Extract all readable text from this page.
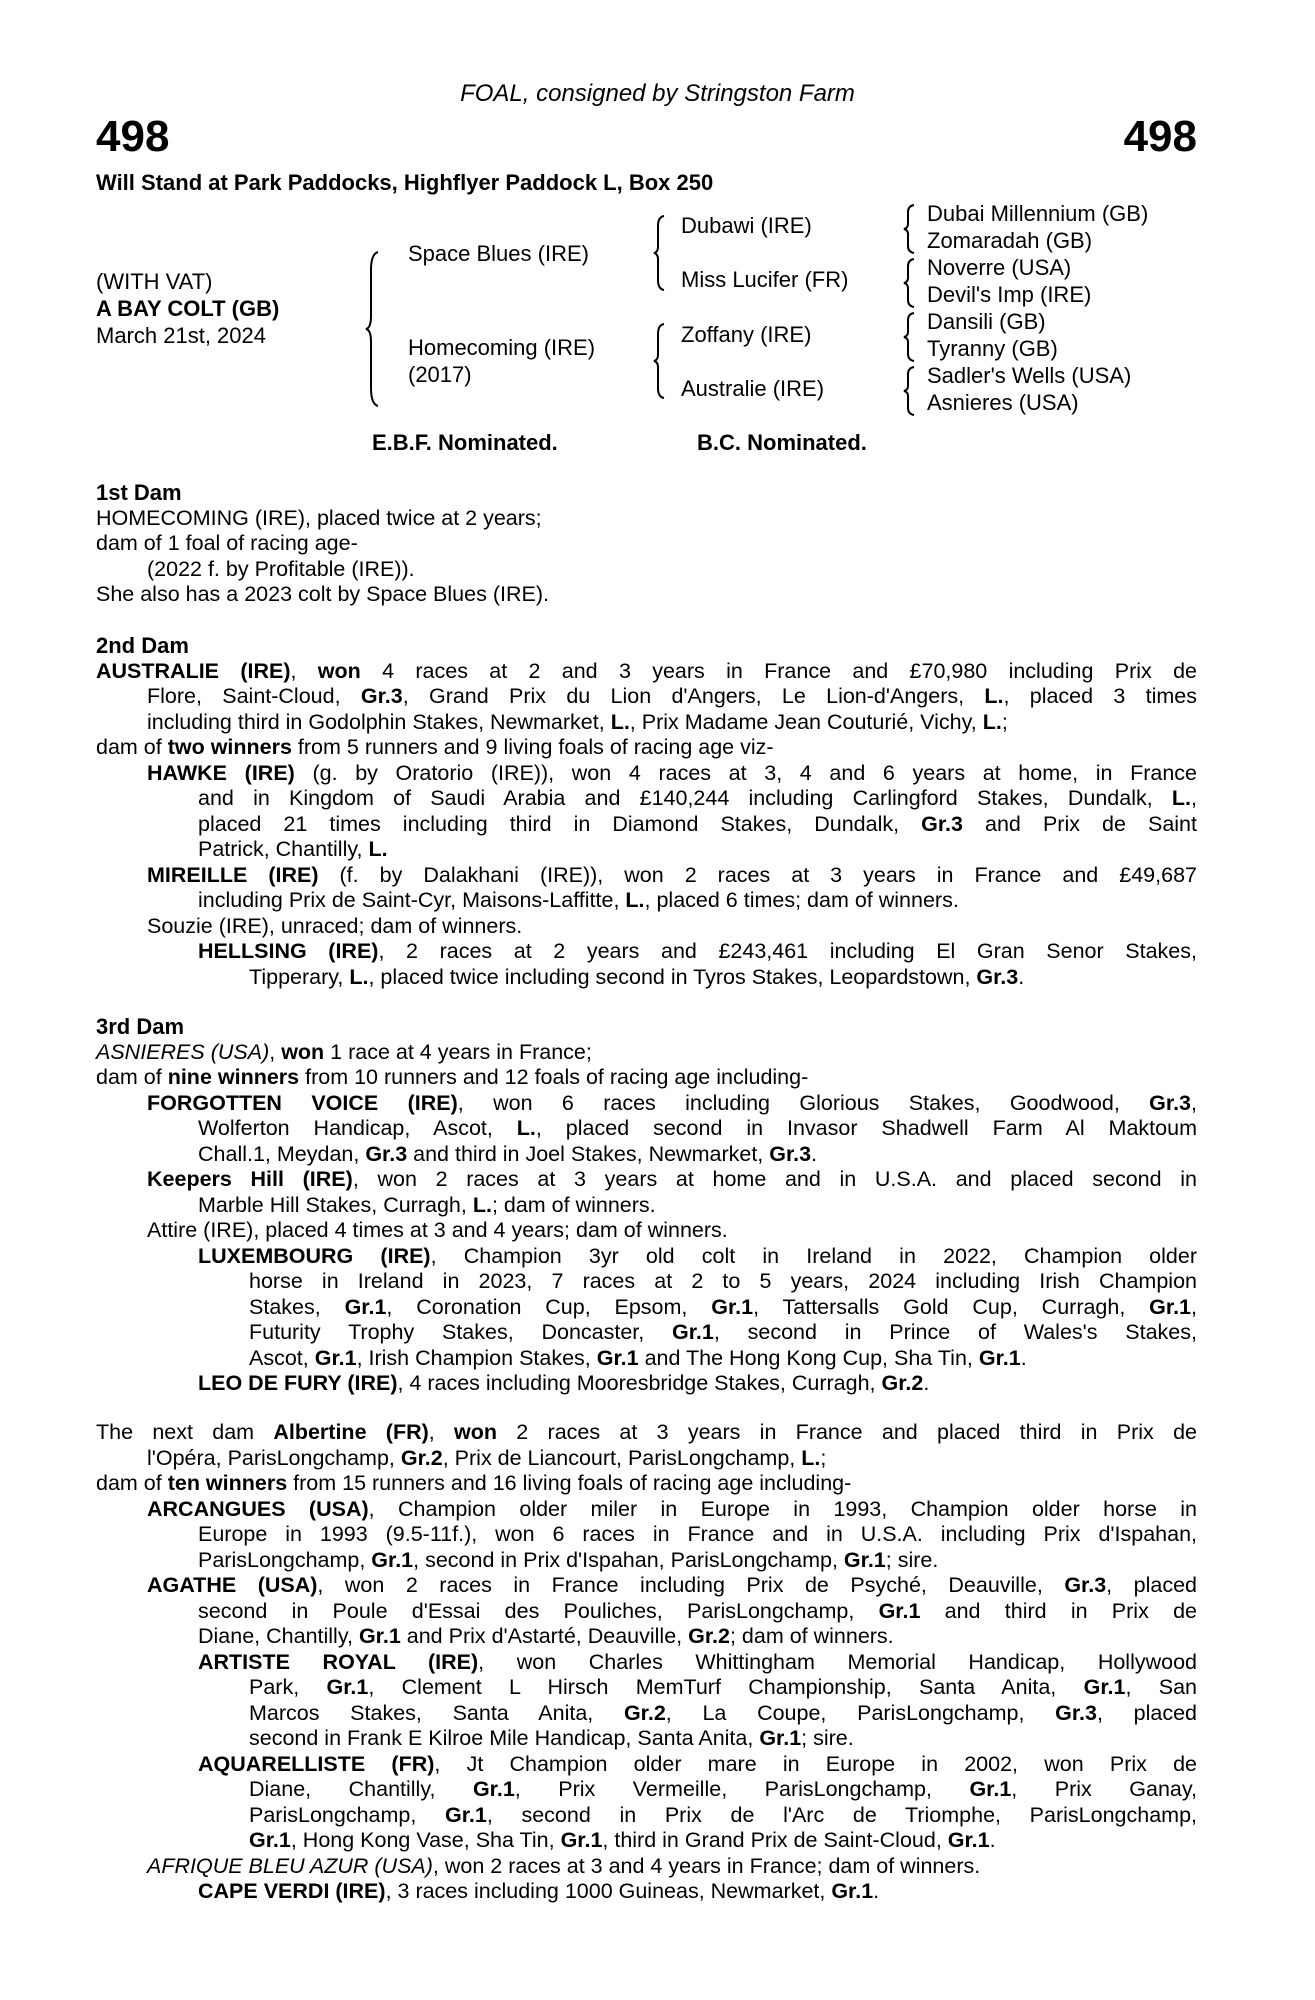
FOAL, consigned by Stringston Farm
498	498
Will Stand at Park Paddocks, Highflyer Paddock L, Box 250
(WITH VAT)
A BAY COLT (GB)
March 21st, 2024
Space Blues (IRE)
Homecoming (IRE)
(2017)
Dubawi (IRE)
Miss Lucifer (FR)
Zoffany (IRE)
Australie (IRE)
Dubai Millennium (GB)
Zomaradah (GB)
Noverre (USA)
Devil's Imp (IRE)
Dansili (GB)
Tyranny (GB)
Sadler's Wells (USA)
Asnieres (USA)
E.B.F. Nominated.	B.C. Nominated.
1st Dam
HOMECOMING (IRE), placed twice at 2 years;
dam of 1 foal of racing age-
(2022 f. by Profitable (IRE)).
She also has a 2023 colt by Space Blues (IRE).
2nd Dam
AUSTRALIE (IRE), won 4 races at 2 and 3 years in France and £70,980 including Prix de
Flore, Saint-Cloud, Gr.3, Grand Prix du Lion d'Angers, Le Lion-d'Angers, L., placed 3 times
including third in Godolphin Stakes, Newmarket, L., Prix Madame Jean Couturié, Vichy, L.;
dam of two winners from 5 runners and 9 living foals of racing age viz-
HAWKE (IRE) (g. by Oratorio (IRE)), won 4 races at 3, 4 and 6 years at home, in France
and in Kingdom of Saudi Arabia and £140,244 including Carlingford Stakes, Dundalk, L.,
placed 21 times including third in Diamond Stakes, Dundalk, Gr.3 and Prix de Saint
Patrick, Chantilly, L.
MIREILLE (IRE) (f. by Dalakhani (IRE)), won 2 races at 3 years in France and £49,687
including Prix de Saint-Cyr, Maisons-Laffitte, L., placed 6 times; dam of winners.
Souzie (IRE), unraced; dam of winners.
HELLSING (IRE), 2 races at 2 years and £243,461 including El Gran Senor Stakes,
Tipperary, L., placed twice including second in Tyros Stakes, Leopardstown, Gr.3.
3rd Dam
ASNIERES (USA), won 1 race at 4 years in France;
dam of nine winners from 10 runners and 12 foals of racing age including-
FORGOTTEN VOICE (IRE), won 6 races including Glorious Stakes, Goodwood, Gr.3,
Wolferton Handicap, Ascot, L., placed second in Invasor Shadwell Farm Al Maktoum
Chall.1, Meydan, Gr.3 and third in Joel Stakes, Newmarket, Gr.3.
Keepers Hill (IRE), won 2 races at 3 years at home and in U.S.A. and placed second in
Marble Hill Stakes, Curragh, L.; dam of winners.
Attire (IRE), placed 4 times at 3 and 4 years; dam of winners.
LUXEMBOURG (IRE), Champion 3yr old colt in Ireland in 2022, Champion older
horse in Ireland in 2023, 7 races at 2 to 5 years, 2024 including Irish Champion
Stakes, Gr.1, Coronation Cup, Epsom, Gr.1, Tattersalls Gold Cup, Curragh, Gr.1,
Futurity Trophy Stakes, Doncaster, Gr.1, second in Prince of Wales's Stakes,
Ascot, Gr.1, Irish Champion Stakes, Gr.1 and The Hong Kong Cup, Sha Tin, Gr.1.
LEO DE FURY (IRE), 4 races including Mooresbridge Stakes, Curragh, Gr.2.
The next dam Albertine (FR), won 2 races at 3 years in France and placed third in Prix de
l'Opéra, ParisLongchamp, Gr.2, Prix de Liancourt, ParisLongchamp, L.;
dam of ten winners from 15 runners and 16 living foals of racing age including-
ARCANGUES (USA), Champion older miler in Europe in 1993, Champion older horse in
Europe in 1993 (9.5-11f.), won 6 races in France and in U.S.A. including Prix d'Ispahan,
ParisLongchamp, Gr.1, second in Prix d'Ispahan, ParisLongchamp, Gr.1; sire.
AGATHE (USA), won 2 races in France including Prix de Psyché, Deauville, Gr.3, placed
second in Poule d'Essai des Pouliches, ParisLongchamp, Gr.1 and third in Prix de
Diane, Chantilly, Gr.1 and Prix d'Astarté, Deauville, Gr.2; dam of winners.
ARTISTE ROYAL (IRE), won Charles Whittingham Memorial Handicap, Hollywood
Park, Gr.1, Clement L Hirsch MemTurf Championship, Santa Anita, Gr.1, San
Marcos Stakes, Santa Anita, Gr.2, La Coupe, ParisLongchamp, Gr.3, placed
second in Frank E Kilroe Mile Handicap, Santa Anita, Gr.1; sire.
AQUARELLISTE (FR), Jt Champion older mare in Europe in 2002, won Prix de
Diane, Chantilly, Gr.1, Prix Vermeille, ParisLongchamp, Gr.1, Prix Ganay,
ParisLongchamp, Gr.1, second in Prix de l'Arc de Triomphe, ParisLongchamp,
Gr.1, Hong Kong Vase, Sha Tin, Gr.1, third in Grand Prix de Saint-Cloud, Gr.1.
AFRIQUE BLEU AZUR (USA), won 2 races at 3 and 4 years in France; dam of winners.
CAPE VERDI (IRE), 3 races including 1000 Guineas, Newmarket, Gr.1.
